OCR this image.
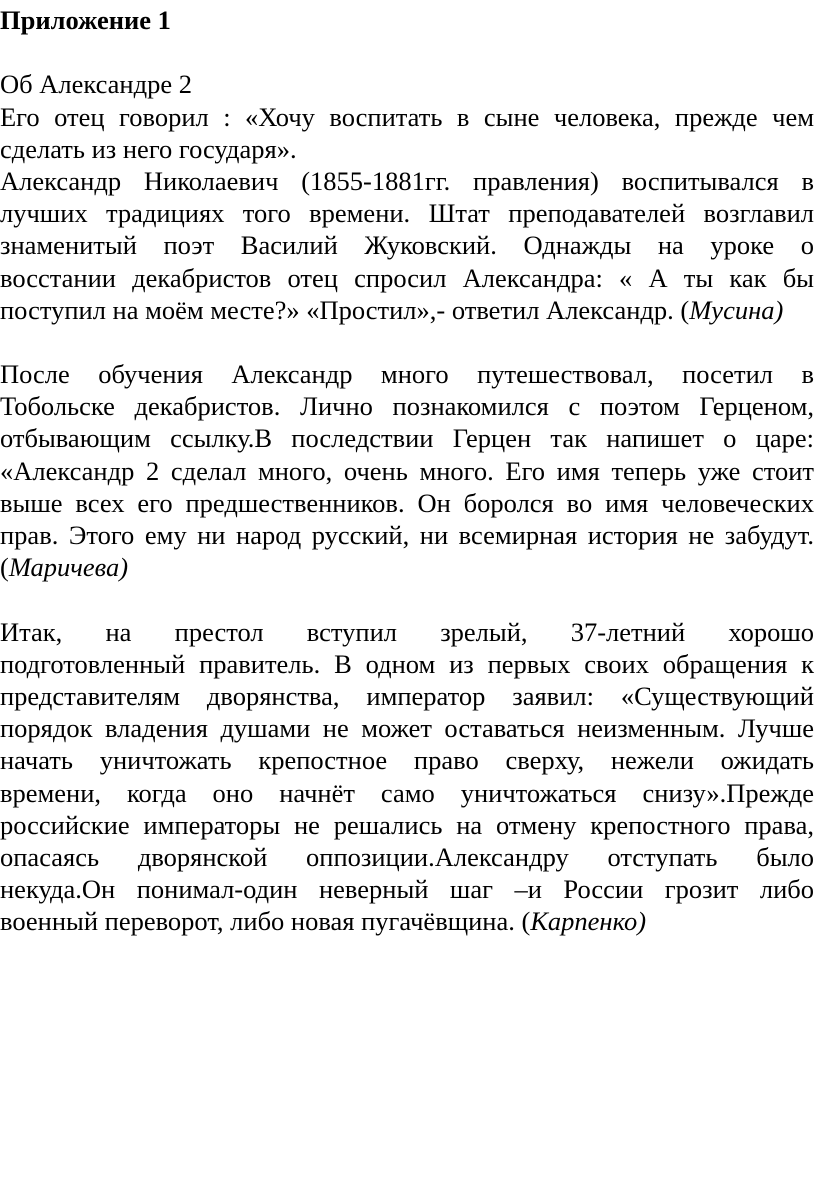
Приложение 1
Об Александре 2
Его отец говорил : «Хочу воспитать в сыне человека, прежде чем
сделать из него государя».
Александр Николаевич (1855-1881гг. правления) воспитывался в
лучших традициях того времени. Штат преподавателей возглавил
знаменитый поэт Василий Жуковский. Однажды на уроке о
восстании декабристов отец спросил Александра: « А ты как бы
поступил на моём месте?» «Простил»,- ответил Александр. (Мусина)
После обучения Александр много путешествовал, посетил в
Тобольске декабристов. Лично познакомился с поэтом Герценом,
отбывающим ссылку.В последствии Герцен так напишет о царе:
«Александр 2 сделал много, очень много. Его имя теперь уже стоит
выше всех его предшественников. Он боролся во имя человеческих
прав. Этого ему ни народ русский, ни всемирная история не забудут.
(Маричева)
Итак, на престол вступил зрелый, 37-летний хорошо
подготовленный правитель. В одном из первых своих обращения к
представителям дворянства, император заявил: «Существующий
порядок владения душами не может оставаться неизменным. Лучше
начать уничтожать крепостное право сверху, нежели ожидать
времени, когда оно начнёт само уничтожаться снизу».Прежде
российские императоры не решались на отмену крепостного права,
опасаясь дворянской оппозиции.Александру отступать было
некуда.Он понимал-один неверный шаг –и России грозит либо
военный переворот, либо новая пугачёвщина. (Карпенко)
